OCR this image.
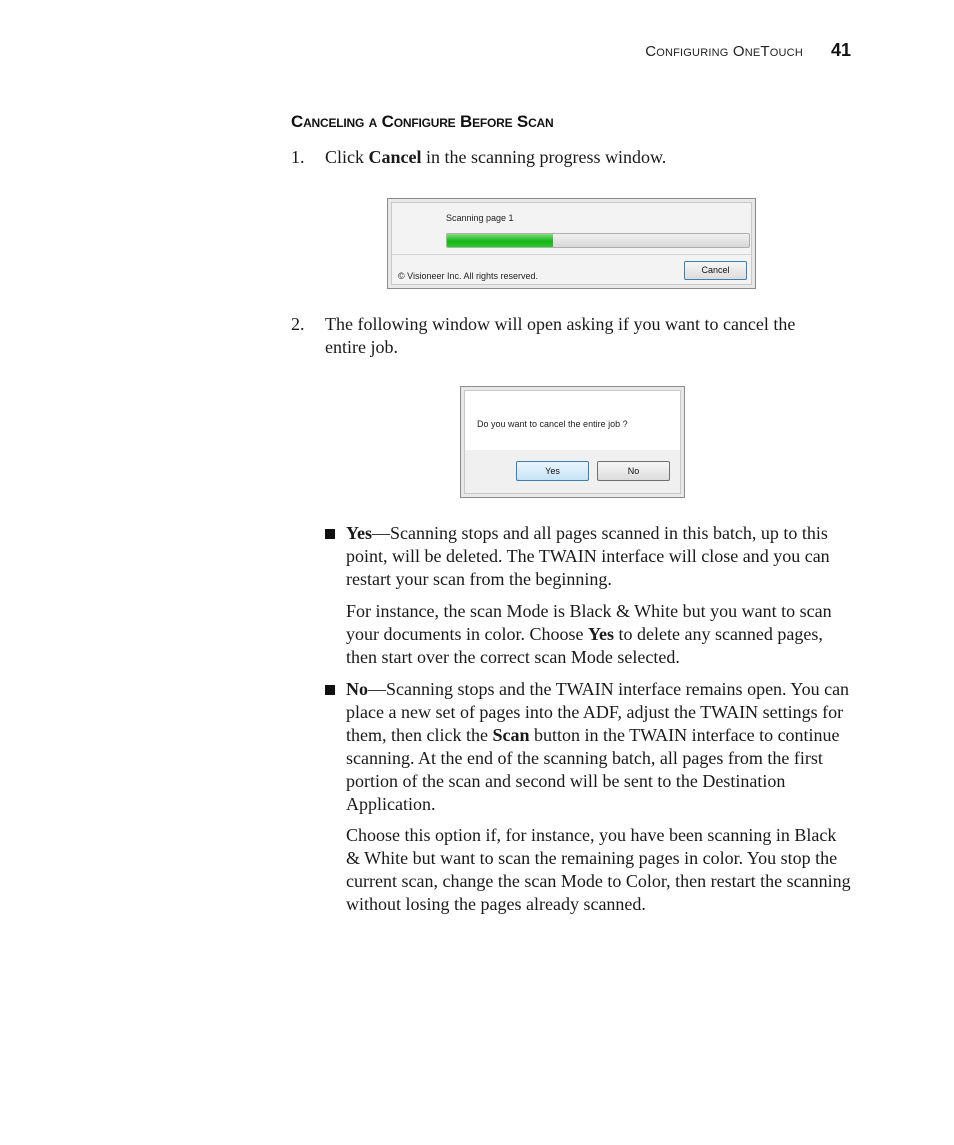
Configuring OneTouch 41
Canceling a Configure Before Scan
1. Click Cancel in the scanning progress window.
Scanning page 1
© Visioneer Inc. All rights reserved.
Cancel
2. The following window will open asking if you want to cancel the entire job.
Do you want to cancel the entire job ?
Yes	No
Yes—Scanning stops and all pages scanned in this batch, up to this point, will be deleted. The TWAIN interface will close and you can restart your scan from the beginning.
For instance, the scan Mode is Black & White but you want to scan your documents in color. Choose Yes to delete any scanned pages, then start over the correct scan Mode selected.
No—Scanning stops and the TWAIN interface remains open. You can place a new set of pages into the ADF, adjust the TWAIN settings for them, then click the Scan button in the TWAIN interface to continue scanning. At the end of the scanning batch, all pages from the first portion of the scan and second will be sent to the Destination Application.
Choose this option if, for instance, you have been scanning in Black & White but want to scan the remaining pages in color. You stop the current scan, change the scan Mode to Color, then restart the scanning without losing the pages already scanned.
